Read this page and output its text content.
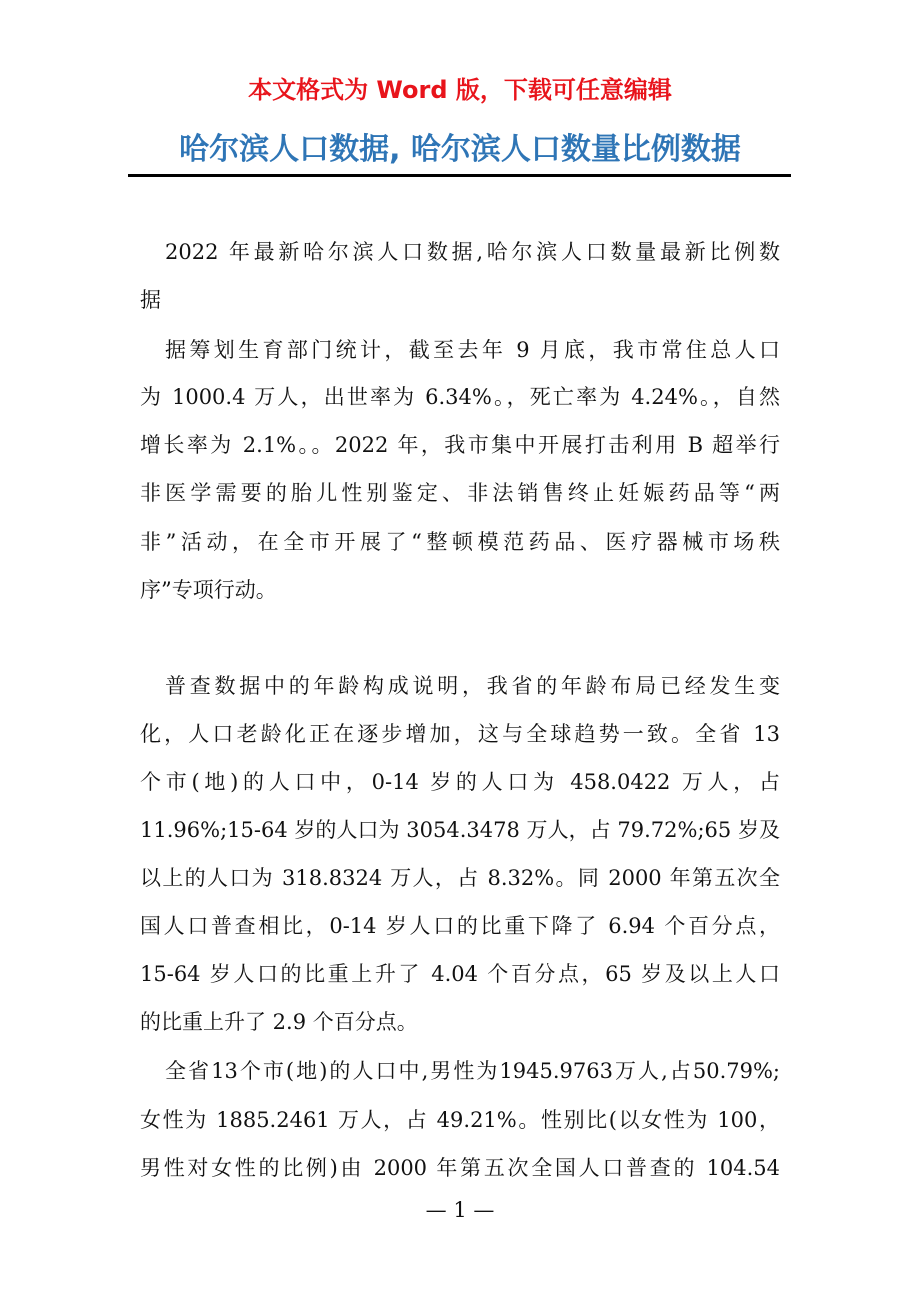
本文格式为 Word 版，下载可任意编辑
哈尔滨人口数据, 哈尔滨人口数量比例数据
2022 年最新哈尔滨人口数据,哈尔滨人口数量最新比例数
据
据筹划生育部门统计，截至去年 9 月底，我市常住总人口
为 1000.4 万人，出世率为 6.34%。，死亡率为 4.24%。，自然
增长率为 2.1%。。2022 年，我市集中开展打击利用 B 超举行
非医学需要的胎儿性别鉴定、非法销售终止妊娠药品等“两
非”活动，在全市开展了“整顿模范药品、医疗器械市场秩
序”专项行动。
普查数据中的年龄构成说明，我省的年龄布局已经发生变
化，人口老龄化正在逐步增加，这与全球趋势一致。全省 13
个市(地)的人口中，0-14 岁的人口为 458.0422 万人，占
11.96%;15-64 岁的人口为 3054.3478 万人，占 79.72%;65 岁及
以上的人口为 318.8324 万人，占 8.32%。同 2000 年第五次全
国人口普查相比，0-14 岁人口的比重下降了 6.94 个百分点，
15-64 岁人口的比重上升了 4.04 个百分点，65 岁及以上人口
的比重上升了 2.9 个百分点。
全省13个市(地)的人口中,男性为1945.9763万人,占50.79%;
女性为 1885.2461 万人，占 49.21%。性别比(以女性为 100，
男性对女性的比例)由 2000 年第五次全国人口普查的 104.54
— 1 —
